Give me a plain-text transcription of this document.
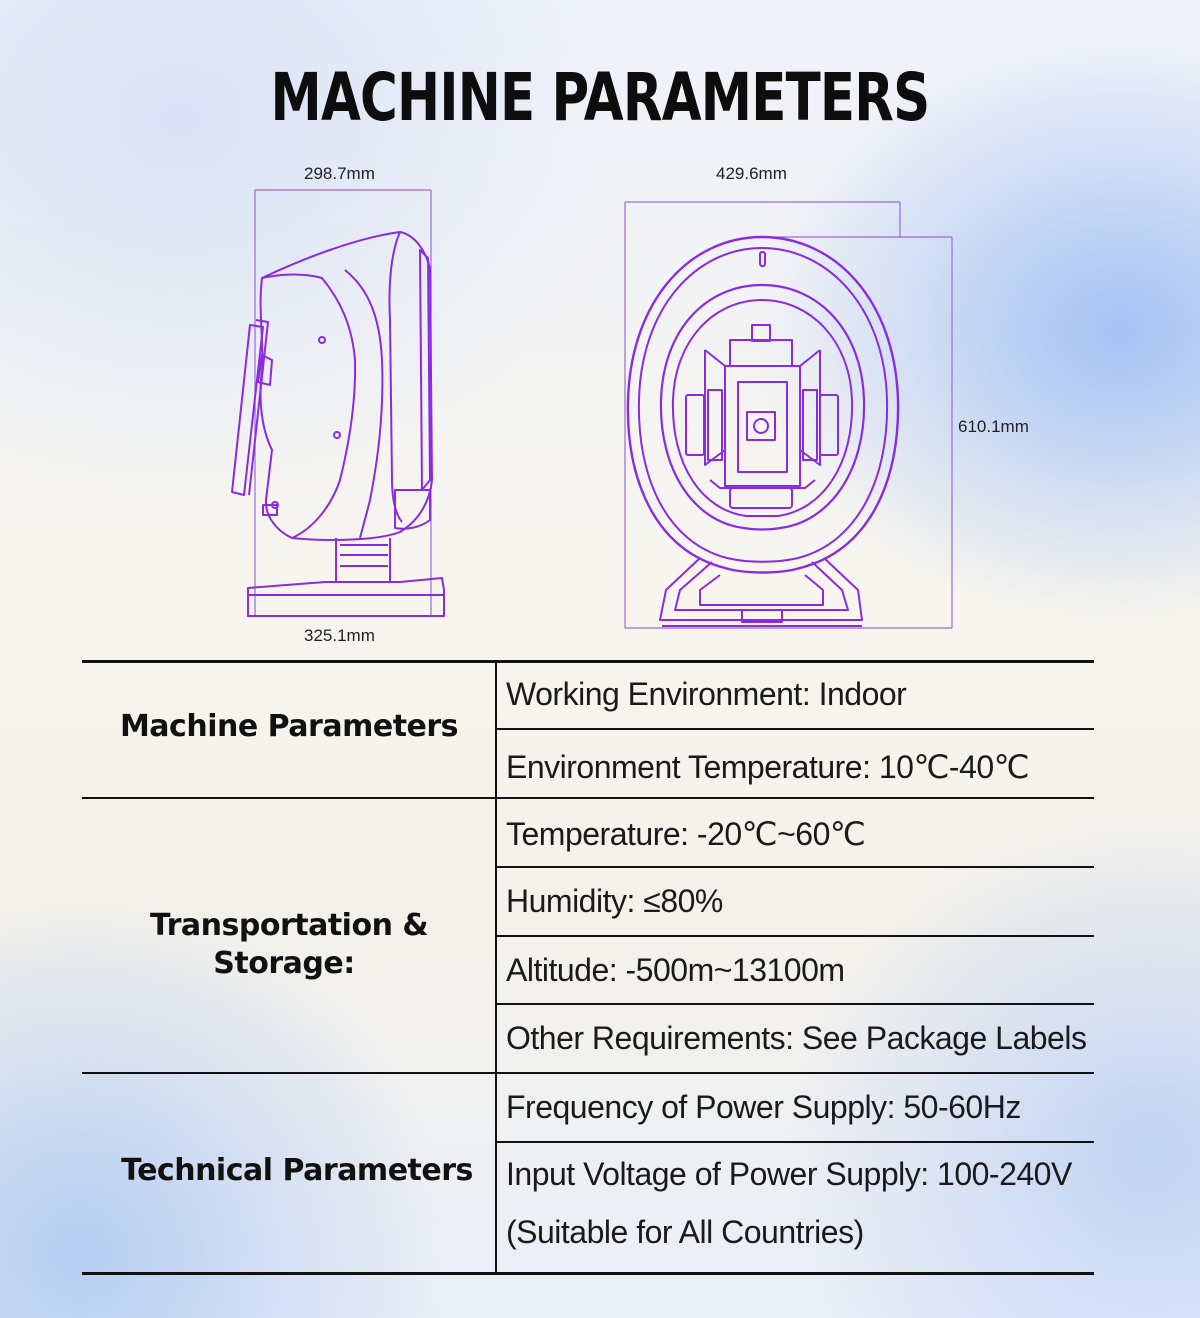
MACHINE PARAMETERS
298.7mm
325.1mm
429.6mm
610.1mm
Machine Parameters
Transportation &
Storage:
Technical Parameters
Working Environment: Indoor
Environment Temperature: 10℃-40℃
Temperature: -20℃~60℃
Humidity: ≤80%
Altitude: -500m~13100m
Other Requirements: See Package Labels
Frequency of Power Supply: 50-60Hz
Input Voltage of Power Supply: 100-240V
(Suitable for All Countries)
